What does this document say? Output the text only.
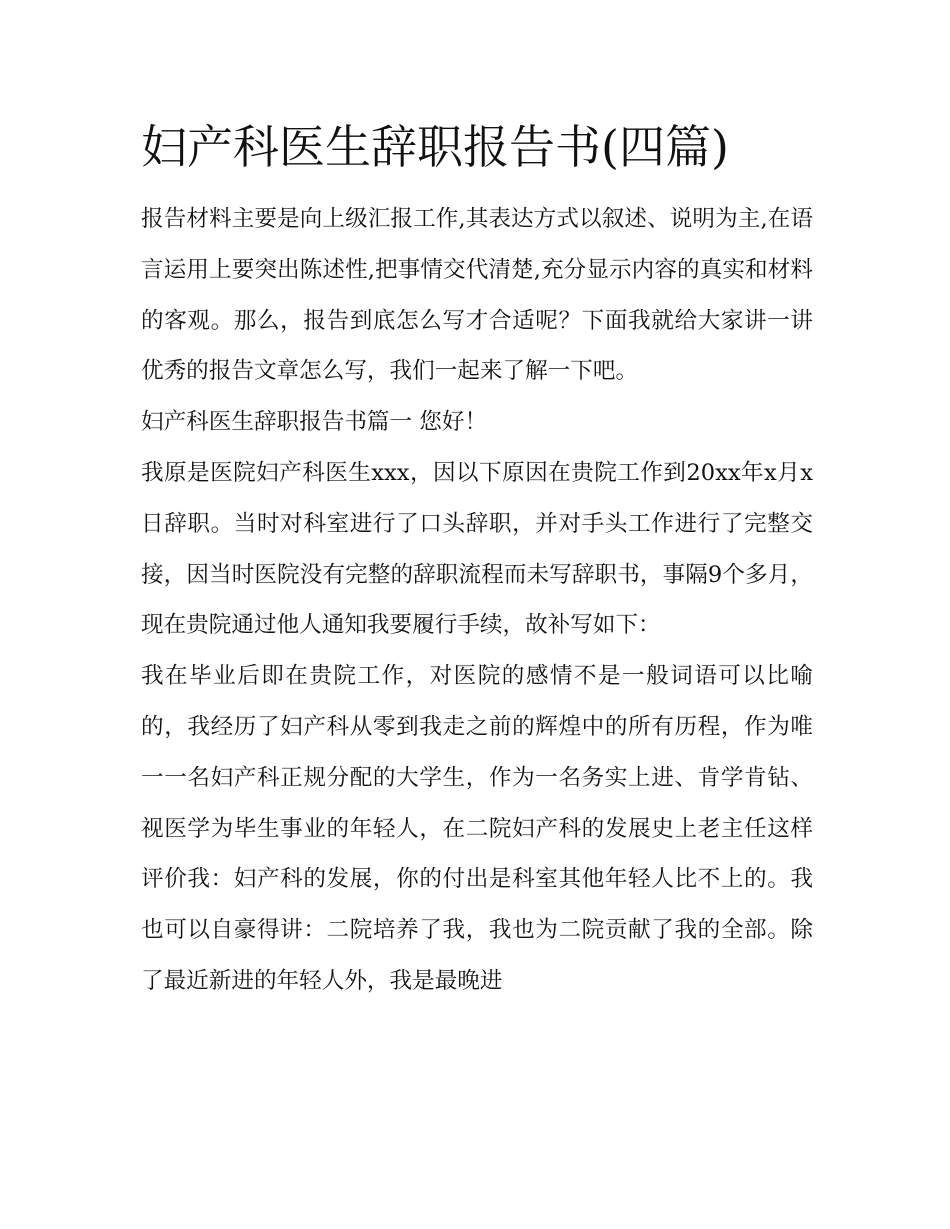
妇产科医生辞职报告书(四篇)

报告材料主要是向上级汇报工作,其表达方式以叙述、说明为主,在语言运用上要突出陈述性,把事情交代清楚,充分显示内容的真实和材料的客观。那么，报告到底怎么写才合适呢？下面我就给大家讲一讲优秀的报告文章怎么写，我们一起来了解一下吧。

妇产科医生辞职报告书篇一 您好！

我原是医院妇产科医生xxx，因以下原因在贵院工作到20xx年x月x日辞职。当时对科室进行了口头辞职，并对手头工作进行了完整交接，因当时医院没有完整的辞职流程而未写辞职书，事隔9个多月，现在贵院通过他人通知我要履行手续，故补写如下：

我在毕业后即在贵院工作，对医院的感情不是一般词语可以比喻的，我经历了妇产科从零到我走之前的辉煌中的所有历程，作为唯一一名妇产科正规分配的大学生，作为一名务实上进、肯学肯钻、视医学为毕生事业的年轻人，在二院妇产科的发展史上老主任这样评价我：妇产科的发展，你的付出是科室其他年轻人比不上的。我也可以自豪得讲：二院培养了我，我也为二院贡献了我的全部。除了最近新进的年轻人外，我是最晚进
